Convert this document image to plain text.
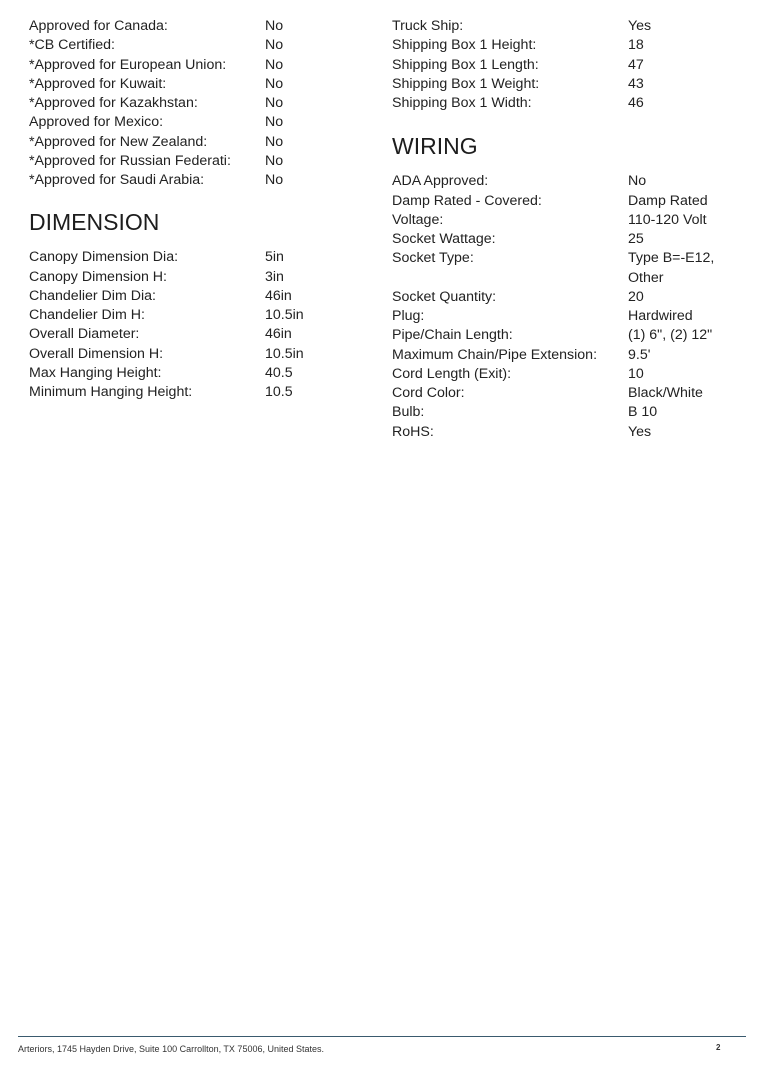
Approved for Canada:	No
*CB Certified:	No
*Approved for European Union:	No
*Approved for Kuwait:	No
*Approved for Kazakhstan:	No
Approved for Mexico:	No
*Approved for New Zealand:	No
*Approved for Russian Federati:	No
*Approved for Saudi Arabia:	No
DIMENSION
Canopy Dimension Dia:	5in
Canopy Dimension H:	3in
Chandelier Dim Dia:	46in
Chandelier Dim H:	10.5in
Overall Diameter:	46in
Overall Dimension H:	10.5in
Max Hanging Height:	40.5
Minimum Hanging Height:	10.5
Truck Ship:	Yes
Shipping Box 1 Height:	18
Shipping Box 1 Length:	47
Shipping Box 1 Weight:	43
Shipping Box 1 Width:	46
WIRING
ADA Approved:	No
Damp Rated - Covered:	Damp Rated
Voltage:	110-120 Volt
Socket Wattage:	25
Socket Type:	Type B=-E12, Other
Socket Quantity:	20
Plug:	Hardwired
Pipe/Chain Length:	(1) 6", (2) 12"
Maximum Chain/Pipe Extension:	9.5'
Cord Length (Exit):	10
Cord Color:	Black/White
Bulb:	B 10
RoHS:	Yes
Arteriors, 1745 Hayden Drive, Suite 100 Carrollton, TX 75006, United States.	2
